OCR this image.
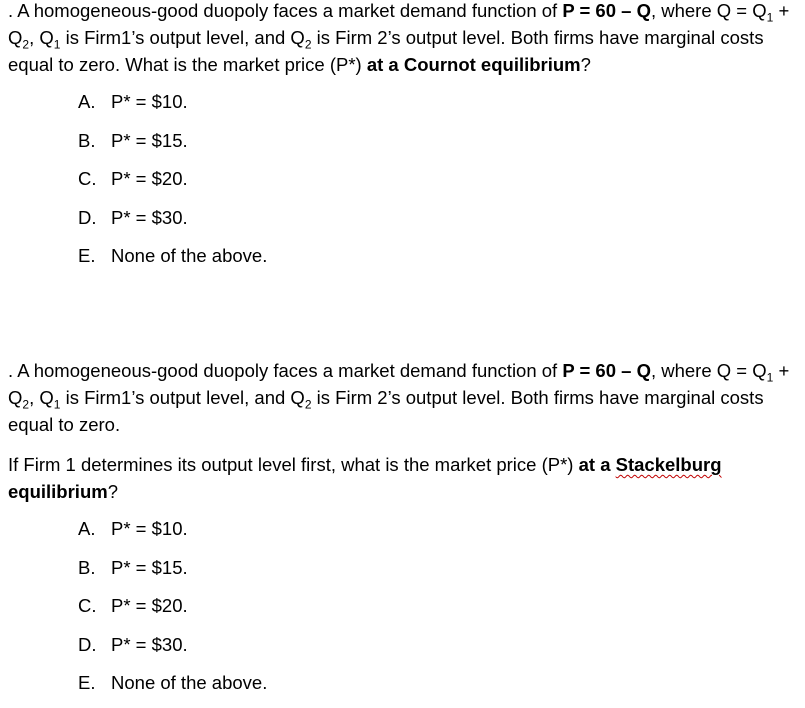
. A homogeneous-good duopoly faces a market demand function of P = 60 – Q, where $Q = Q_1 + Q_2$, $Q_1$ is Firm1’s output level, and $Q_2$ is Firm 2’s output level. Both firms have marginal costs equal to zero. What is the market price (P*) at a Cournot equilibrium?

A. P* = $10.
B. P* = $15.
C. P* = $20.
D. P* = $30.
E. None of the above.

. A homogeneous-good duopoly faces a market demand function of P = 60 – Q, where $Q = Q_1 + Q_2$, $Q_1$ is Firm1’s output level, and $Q_2$ is Firm 2’s output level. Both firms have marginal costs equal to zero.

If Firm 1 determines its output level first, what is the market price (P*) at a Stackelburg equilibrium?

A. P* = $10.
B. P* = $15.
C. P* = $20.
D. P* = $30.
E. None of the above.
